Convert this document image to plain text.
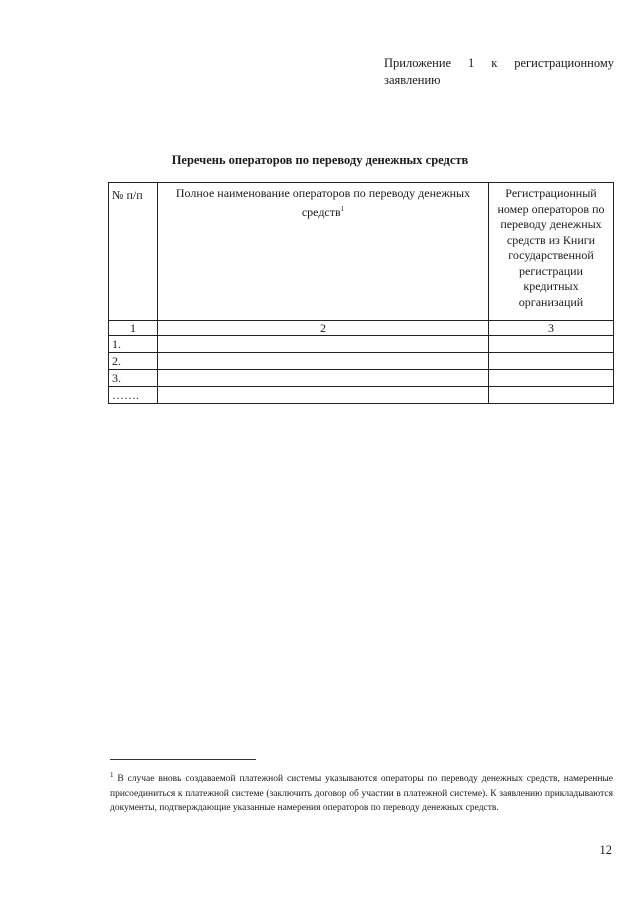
Приложение 1 к регистрационному заявлению
Перечень операторов по переводу денежных средств
№ п/п	Полное наименование операторов по переводу денежных средств$^1$	Регистрационный номер операторов по переводу денежных средств из Книги государственной регистрации кредитных организаций
1	2	3
1.		
2.		
3.		
…….		
$^1$ В случае вновь создаваемой платежной системы указываются операторы по переводу денежных средств, намеренные присоединиться к платежной системе (заключить договор об участии в платежной системе). К заявлению прикладываются документы, подтверждающие указанные намерения операторов по переводу денежных средств.
12
